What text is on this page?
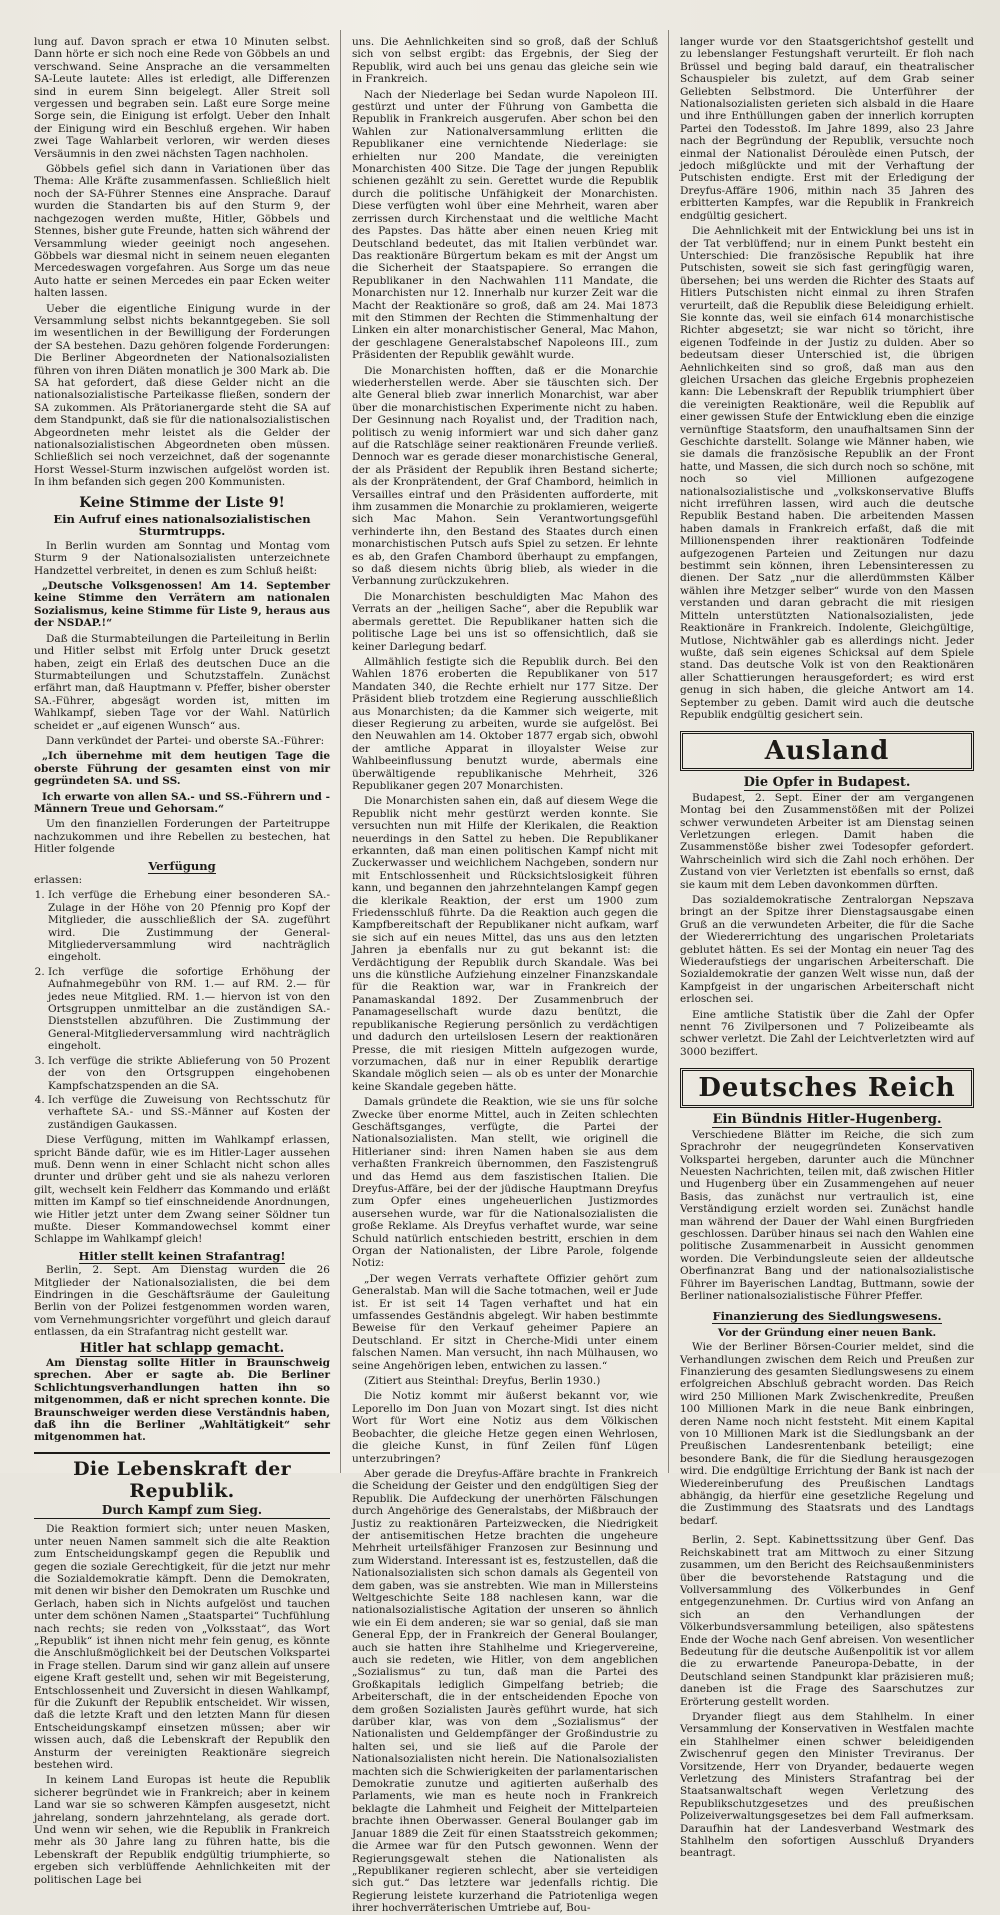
lung auf. Davon sprach er etwa 10 Minuten selbst. Dann hörte er sich noch eine Rede von Göbbels an und verschwand. Seine Ansprache an die versammelten SA-Leute lautete: Alles ist erledigt, alle Differenzen sind in eurem Sinn beigelegt. Aller Streit soll vergessen und begraben sein. Laßt eure Sorge meine Sorge sein, die Einigung ist erfolgt. Ueber den Inhalt der Einigung wird ein Beschluß ergehen. Wir haben zwei Tage Wahlarbeit verloren, wir werden dieses Versäumnis in den zwei nächsten Tagen nachholen.

Göbbels gefiel sich dann in Variationen über das Thema: Alle Kräfte zusammenfassen. Schließlich hielt noch der SA-Führer Stennes eine Ansprache. Darauf wurden die Standarten bis auf den Sturm 9, der nachgezogen werden mußte, Hitler, Göbbels und Stennes, bisher gute Freunde, hatten sich während der Versammlung wieder geeinigt noch angesehen. Göbbels war diesmal nicht in seinem neuen eleganten Mercedeswagen vorgefahren. Aus Sorge um das neue Auto hatte er seinen Mercedes ein paar Ecken weiter halten lassen.

Ueber die eigentliche Einigung wurde in der Versammlung selbst nichts bekanntgegeben. Sie soll im wesentlichen in der Bewilligung der Forderungen der SA bestehen. Dazu gehören folgende Forderungen: Die Berliner Abgeordneten der Nationalsozialisten führen von ihren Diäten monatlich je 300 Mark ab. Die SA hat gefordert, daß diese Gelder nicht an die nationalsozialistische Parteikasse fließen, sondern der SA zukommen. Als Prätorianergarde steht die SA auf dem Standpunkt, daß sie für die nationalsozialistischen Abgeordneten mehr leistet als die Gelder der nationalsozialistischen Abgeordneten oben müssen. Schließlich sei noch verzeichnet, daß der sogenannte Horst Wessel-Sturm inzwischen aufgelöst worden ist. In ihm befanden sich gegen 200 Kommunisten.

Keine Stimme der Liste 9!
Ein Aufruf eines nationalsozialistischen Sturmtrupps.

In Berlin wurden am Sonntag und Montag vom Sturm 9 der Nationalsozialisten unterzeichnete Handzettel verbreitet, in denen es zum Schluß heißt:

„Deutsche Volksgenossen! Am 14. September keine Stimme den Verrätern am nationalen Sozialismus, keine Stimme für Liste 9, heraus aus der NSDAP.!“

Daß die Sturmabteilungen die Parteileitung in Berlin und Hitler selbst mit Erfolg unter Druck gesetzt haben, zeigt ein Erlaß des deutschen Duce an die Sturmabteilungen und Schutzstaffeln. Zunächst erfährt man, daß Hauptmann v. Pfeffer, bisher oberster SA.-Führer, abgesägt worden ist, mitten im Wahlkampf, sieben Tage vor der Wahl. Natürlich scheidet er „auf eigenen Wunsch“ aus.

Dann verkündet der Partei- und oberste SA.-Führer:

„Ich übernehme mit dem heutigen Tage die oberste Führung der gesamten einst von mir gegründeten SA. und SS.
Ich erwarte von allen SA.- und SS.-Führern und -Männern Treue und Gehorsam.“

Um den finanziellen Forderungen der Parteitruppe nachzukommen und ihre Rebellen zu bestechen, hat Hitler folgende

Verfügung

erlassen:

1. Ich verfüge die Erhebung einer besonderen SA.-Zulage in der Höhe von 20 Pfennig pro Kopf der Mitglieder, die ausschließlich der SA. zugeführt wird. Die Zustimmung der General-Mitgliederversammlung wird nachträglich eingeholt.
2. Ich verfüge die sofortige Erhöhung der Aufnahmegebühr von RM. 1.— auf RM. 2.— für jedes neue Mitglied. RM. 1.— hiervon ist von den Ortsgruppen unmittelbar an die zuständigen SA.-Dienststellen abzuführen. Die Zustimmung der General-Mitgliederversammlung wird nachträglich eingeholt.
3. Ich verfüge die strikte Ablieferung von 50 Prozent der von den Ortsgruppen eingehobenen Kampfschatzspenden an die SA.
4. Ich verfüge die Zuweisung von Rechtsschutz für verhaftete SA.- und SS.-Männer auf Kosten der zuständigen Gaukassen.

Diese Verfügung, mitten im Wahlkampf erlassen, spricht Bände dafür, wie es im Hitler-Lager aussehen muß. Denn wenn in einer Schlacht nicht schon alles drunter und drüber geht und sie als nahezu verloren gilt, wechselt kein Feldherr das Kommando und erläßt mitten im Kampf so tief einschneidende Anordnungen, wie Hitler jetzt unter dem Zwang seiner Söldner tun mußte. Dieser Kommandowechsel kommt einer Schlappe im Wahlkampf gleich!

Hitler stellt keinen Strafantrag!

Berlin, 2. Sept. Am Dienstag wurden die 26 Mitglieder der Nationalsozialisten, die bei dem Eindringen in die Geschäftsräume der Gauleitung Berlin von der Polizei festgenommen worden waren, vom Vernehmungsrichter vorgeführt und gleich darauf entlassen, da ein Strafantrag nicht gestellt war.

Hitler hat schlapp gemacht.

Am Dienstag sollte Hitler in Braunschweig sprechen. Aber er sagte ab. Die Berliner Schlichtungsverhandlungen hatten ihn so mitgenommen, daß er nicht sprechen konnte. Die Braunschweiger werden diese Verständnis haben, daß ihn die Berliner „Wahltätigkeit“ sehr mitgenommen hat.

Die Lebenskraft der Republik.
Durch Kampf zum Sieg.

Die Reaktion formiert sich; unter neuen Masken, unter neuen Namen sammelt sich die alte Reaktion zum Entscheidungskampf gegen die Republik und gegen die soziale Gerechtigkeit, für die jetzt nur mehr die Sozialdemokratie kämpft. Denn die Demokraten, mit denen wir bisher den Demokraten um Ruschke und Gerlach, haben sich in Nichts aufgelöst und tauchen unter dem schönen Namen „Staatspartei“ Tuchfühlung nach rechts; sie reden von „Volksstaat“, das Wort „Republik“ ist ihnen nicht mehr fein genug, es könnte die Anschlußmöglichkeit bei der Deutschen Volkspartei in Frage stellen. Darum sind wir ganz allein auf unsere eigene Kraft gestellt und, sehen wir mit Begeisterung, Entschlossenheit und Zuversicht in diesen Wahlkampf, für die Zukunft der Republik entscheidet. Wir wissen, daß die letzte Kraft und den letzten Mann für diesen Entscheidungskampf einsetzen müssen; aber wir wissen auch, daß die Lebenskraft der Republik den Ansturm der vereinigten Reaktionäre siegreich bestehen wird.

In keinem Land Europas ist heute die Republik sicherer begründet wie in Frankreich; aber in keinem Land war sie so schweren Kämpfen ausgesetzt, nicht jahrelang, sondern jahrzehntelang, als gerade dort. Und wenn wir sehen, wie die Republik in Frankreich mehr als 30 Jahre lang zu führen hatte, bis die Lebenskraft der Republik endgültig triumphierte, so ergeben sich verblüffende Aehnlichkeiten mit der politischen Lage bei

uns. Die Aehnlichkeiten sind so groß, daß der Schluß sich von selbst ergibt: das Ergebnis, der Sieg der Republik, wird auch bei uns genau das gleiche sein wie in Frankreich.

Nach der Niederlage bei Sedan wurde Napoleon III. gestürzt und unter der Führung von Gambetta die Republik in Frankreich ausgerufen. Aber schon bei den Wahlen zur Nationalversammlung erlitten die Republikaner eine vernichtende Niederlage: sie erhielten nur 200 Mandate, die vereinigten Monarchisten 400 Sitze. Die Tage der jungen Republik schienen gezählt zu sein. Gerettet wurde die Republik durch die politische Unfähigkeit der Monarchisten. Diese verfügten wohl über eine Mehrheit, waren aber zerrissen durch Kirchenstaat und die weltliche Macht des Papstes. Das hätte aber einen neuen Krieg mit Deutschland bedeutet, das mit Italien verbündet war. Das reaktionäre Bürgertum bekam es mit der Angst um die Sicherheit der Staatspapiere. So errangen die Republikaner in den Nachwahlen 111 Mandate, die Monarchisten nur 12. Innerhalb nur kurzer Zeit war die Macht der Reaktionäre so groß, daß am 24. Mai 1873 mit den Stimmen der Rechten die Stimmenhaltung der Linken ein alter monarchistischer General, Mac Mahon, der geschlagene Generalstabschef Napoleons III., zum Präsidenten der Republik gewählt wurde.

Die Monarchisten hofften, daß er die Monarchie wiederherstellen werde. Aber sie täuschten sich. Der alte General blieb zwar innerlich Monarchist, war aber über die monarchistischen Experimente nicht zu haben. Der Gesinnung nach Royalist und, der Tradition nach, politisch zu wenig informiert war und sich daher ganz auf die Ratschläge seiner reaktionären Freunde verließ. Dennoch war es gerade dieser monarchistische General, der als Präsident der Republik ihren Bestand sicherte; als der Kronprätendent, der Graf Chambord, heimlich in Versailles eintraf und den Präsidenten aufforderte, mit ihm zusammen die Monarchie zu proklamieren, weigerte sich Mac Mahon. Sein Verantwortungsgefühl verhinderte ihn, den Bestand des Staates durch einen monarchistischen Putsch aufs Spiel zu setzen. Er lehnte es ab, den Grafen Chambord überhaupt zu empfangen, so daß diesem nichts übrig blieb, als wieder in die Verbannung zurückzukehren.

Die Monarchisten beschuldigten Mac Mahon des Verrats an der „heiligen Sache“, aber die Republik war abermals gerettet. Die Republikaner hatten sich die politische Lage bei uns ist so offensichtlich, daß sie keiner Darlegung bedarf.

Allmählich festigte sich die Republik durch. Bei den Wahlen 1876 eroberten die Republikaner von 517 Mandaten 340, die Rechte erhielt nur 177 Sitze. Der Präsident blieb trotzdem eine Regierung ausschließlich aus Monarchisten; da die Kammer sich weigerte, mit dieser Regierung zu arbeiten, wurde sie aufgelöst. Bei den Neuwahlen am 14. Oktober 1877 ergab sich, obwohl der amtliche Apparat in illoyalster Weise zur Wahlbeeinflussung benutzt wurde, abermals eine überwältigende republikanische Mehrheit, 326 Republikaner gegen 207 Monarchisten.

Die Monarchisten sahen ein, daß auf diesem Wege die Republik nicht mehr gestürzt werden konnte. Sie versuchten nun mit Hilfe der Klerikalen, die Reaktion neuerdings in den Sattel zu heben. Die Republikaner erkannten, daß man einen politischen Kampf nicht mit Zuckerwasser und weichlichem Nachgeben, sondern nur mit Entschlossenheit und Rücksichtslosigkeit führen kann, und begannen den jahrzehntelangen Kampf gegen die klerikale Reaktion, der erst um 1900 zum Friedensschluß führte. Da die Reaktion auch gegen die Kampfbereitschaft der Republikaner nicht aufkam, warf sie sich auf ein neues Mittel, das uns aus den letzten Jahren ja ebenfalls nur zu gut bekannt ist: die Verdächtigung der Republik durch Skandale. Was bei uns die künstliche Aufziehung einzelner Finanzskandale für die Reaktion war, war in Frankreich der Panamaskandal 1892. Der Zusammenbruch der Panamagesellschaft wurde dazu benützt, die republikanische Regierung persönlich zu verdächtigen und dadurch den urteilslosen Lesern der reaktionären Presse, die mit riesigen Mitteln aufgezogen wurde, vorzumachen, daß nur in einer Republik derartige Skandale möglich seien — als ob es unter der Monarchie keine Skandale gegeben hätte.

Damals gründete die Reaktion, wie sie uns für solche Zwecke über enorme Mittel, auch in Zeiten schlechten Geschäftsganges, verfügte, die Partei der Nationalsozialisten. Man stellt, wie originell die Hitlerianer sind: ihren Namen haben sie aus dem verhaßten Frankreich übernommen, den Faszistengruß und das Hemd aus dem faszistischen Italien. Die Dreyfus-Affäre, bei der der jüdische Hauptmann Dreyfus zum Opfer eines ungeheuerlichen Justizmordes ausersehen wurde, war für die Nationalsozialisten die große Reklame. Als Dreyfus verhaftet wurde, war seine Schuld natürlich entschieden bestritt, erschien in dem Organ der Nationalisten, der Libre Parole, folgende Notiz:

„Der wegen Verrats verhaftete Offizier gehört zum Generalstab. Man will die Sache totmachen, weil er Jude ist. Er ist seit 14 Tagen verhaftet und hat ein umfassendes Geständnis abgelegt. Wir haben bestimmte Beweise für den Verkauf geheimer Papiere an Deutschland. Er sitzt in Cherche-Midi unter einem falschen Namen. Man versucht, ihn nach Mülhausen, wo seine Angehörigen leben, entwichen zu lassen.“

(Zitiert aus Steinthal: Dreyfus, Berlin 1930.)

Die Notiz kommt mir äußerst bekannt vor, wie Leporello im Don Juan von Mozart singt. Ist dies nicht Wort für Wort eine Notiz aus dem Völkischen Beobachter, die gleiche Hetze gegen einen Wehrlosen, die gleiche Kunst, in fünf Zeilen fünf Lügen unterzubringen?

Aber gerade die Dreyfus-Affäre brachte in Frankreich die Scheidung der Geister und den endgültigen Sieg der Republik. Die Aufdeckung der unerhörten Fälschungen durch Angehörige des Generalstabs, der Mißbrauch der Justiz zu reaktionären Parteizwecken, die Niedrigkeit der antisemitischen Hetze brachten die ungeheure Mehrheit urteilsfähiger Franzosen zur Besinnung und zum Widerstand. Interessant ist es, festzustellen, daß die Nationalsozialisten sich schon damals als Gegenteil von dem gaben, was sie anstrebten. Wie man in Millersteins Weltgeschichte Seite 188 nachlesen kann, war die nationalsozialistische Agitation der unseren so ähnlich wie ein Ei dem anderen; sie war so genial, daß sie man General Epp, der in Frankreich der General Boulanger, auch sie hatten ihre Stahlhelme und Kriegervereine, auch sie redeten, wie Hitler, von dem angeblichen „Sozialismus“ zu tun, daß man die Partei des Großkapitals lediglich Gimpelfang betrieb; die Arbeiterschaft, die in der entscheidenden Epoche von dem großen Sozialisten Jaurès geführt wurde, hat sich darüber klar, was von dem „Sozialismus“ der Nationalisten und Geldempfänger der Großindustrie zu halten sei, und sie ließ auf die Parole der Nationalsozialisten nicht herein. Die Nationalsozialisten machten sich die Schwierigkeiten der parlamentarischen Demokratie zunutze und agitierten außerhalb des Parlaments, wie man es heute noch in Frankreich beklagte die Lahmheit und Feigheit der Mittelparteien brachte ihnen Oberwasser. General Boulanger gab im Januar 1889 die Zeit für einen Staatsstreich gekommen; die Armee war für den Putsch gewonnen. Wenn der Regierungsgewalt stehen die Nationalisten als „Republikaner regieren schlecht, aber sie verteidigen sich gut.“ Das letztere war jedenfalls richtig. Die Regierung leistete kurzerhand die Patriotenliga wegen ihrer hochverräterischen Umtriebe auf, Bou-

langer wurde vor den Staatsgerichtshof gestellt und zu lebenslanger Festungshaft verurteilt. Er floh nach Brüssel und beging bald darauf, ein theatralischer Schauspieler bis zuletzt, auf dem Grab seiner Geliebten Selbstmord. Die Unterführer der Nationalsozialisten gerieten sich alsbald in die Haare und ihre Enthüllungen gaben der innerlich korrupten Partei den Todesstoß. Im Jahre 1899, also 23 Jahre nach der Begründung der Republik, versuchte noch einmal der Nationalist Déroulède einen Putsch, der jedoch mißglückte und mit der Verhaftung der Putschisten endigte. Erst mit der Erledigung der Dreyfus-Affäre 1906, mithin nach 35 Jahren des erbitterten Kampfes, war die Republik in Frankreich endgültig gesichert.

Die Aehnlichkeit mit der Entwicklung bei uns ist in der Tat verblüffend; nur in einem Punkt besteht ein Unterschied: Die französische Republik hat ihre Putschisten, soweit sie sich fast geringfügig waren, übersehen; bei uns werden die Richter des Staats auf Hitlers Putschisten nicht einmal zu ihren Strafen verurteilt, daß die Republik diese Beleidigung erhielt. Sie konnte das, weil sie einfach 614 monarchistische Richter abgesetzt; sie war nicht so töricht, ihre eigenen Todfeinde in der Justiz zu dulden. Aber so bedeutsam dieser Unterschied ist, die übrigen Aehnlichkeiten sind so groß, daß man aus den gleichen Ursachen das gleiche Ergebnis prophezeien kann: Die Lebenskraft der Republik triumphiert über die vereinigten Reaktionäre, weil die Republik auf einer gewissen Stufe der Entwicklung eben die einzige vernünftige Staatsform, den unaufhaltsamen Sinn der Geschichte darstellt. Solange wie Männer haben, wie sie damals die französische Republik an der Front hatte, und Massen, die sich durch noch so schöne, mit noch so viel Millionen aufgezogene nationalsozialistische und „volkskonservative Bluffs nicht irreführen lassen, wird auch die deutsche Republik Bestand haben. Die arbeitenden Massen haben damals in Frankreich erfaßt, daß die mit Millionenspenden ihrer reaktionären Todfeinde aufgezogenen Parteien und Zeitungen nur dazu bestimmt sein können, ihren Lebensinteressen zu dienen. Der Satz „nur die allerdümmsten Kälber wählen ihre Metzger selber“ wurde von den Massen verstanden und daran gebracht die mit riesigen Mitteln unterstützten Nationalsozialisten, jede Reaktionäre in Frankreich. Indolente, Gleichgültige, Mutlose, Nichtwähler gab es allerdings nicht. Jeder wußte, daß sein eigenes Schicksal auf dem Spiele stand. Das deutsche Volk ist von den Reaktionären aller Schattierungen herausgefordert; es wird erst genug in sich haben, die gleiche Antwort am 14. September zu geben. Damit wird auch die deutsche Republik endgültig gesichert sein.

Ausland
Die Opfer in Budapest.

Budapest, 2. Sept. Einer der am vergangenen Montag bei den Zusammenstößen mit der Polizei schwer verwundeten Arbeiter ist am Dienstag seinen Verletzungen erlegen. Damit haben die Zusammenstöße bisher zwei Todesopfer gefordert. Wahrscheinlich wird sich die Zahl noch erhöhen. Der Zustand von vier Verletzten ist ebenfalls so ernst, daß sie kaum mit dem Leben davonkommen dürften.

Das sozialdemokratische Zentralorgan Nepszava bringt an der Spitze ihrer Dienstagsausgabe einen Gruß an die verwundeten Arbeiter, die für die Sache der Wiedererrichtung des ungarischen Proletariats geblutet hätten. Es sei der Montag ein neuer Tag des Wiederaufstiegs der ungarischen Arbeiterschaft. Die Sozialdemokratie der ganzen Welt wisse nun, daß der Kampfgeist in der ungarischen Arbeiterschaft nicht erloschen sei.

Eine amtliche Statistik über die Zahl der Opfer nennt 76 Zivilpersonen und 7 Polizeibeamte als schwer verletzt. Die Zahl der Leichtverletzten wird auf 3000 beziffert.

Deutsches Reich
Ein Bündnis Hitler-Hugenberg.

Verschiedene Blätter im Reiche, die sich zum Sprachrohr der neugegründeten Konservativen Volkspartei hergeben, darunter auch die Münchner Neuesten Nachrichten, teilen mit, daß zwischen Hitler und Hugenberg über ein Zusammengehen auf neuer Basis, das zunächst nur vertraulich ist, eine Verständigung erzielt worden sei. Zunächst handle man während der Dauer der Wahl einen Burgfrieden geschlossen. Darüber hinaus sei nach den Wahlen eine politische Zusammenarbeit in Aussicht genommen worden. Die Verbindungsleute seien der alldeutsche Oberfinanzrat Bang und der nationalsozialistische Führer im Bayerischen Landtag, Buttmann, sowie der Berliner nationalsozialistische Führer Pfeffer.

Finanzierung des Siedlungswesens.
Vor der Gründung einer neuen Bank.

Wie der Berliner Börsen-Courier meldet, sind die Verhandlungen zwischen dem Reich und Preußen zur Finanzierung des gesamten Siedlungswesens zu einem erfolgreichen Abschluß gebracht worden. Das Reich wird 250 Millionen Mark Zwischenkredite, Preußen 100 Millionen Mark in die neue Bank einbringen, deren Name noch nicht feststeht. Mit einem Kapital von 10 Millionen Mark ist die Siedlungsbank an der Preußischen Landesrentenbank beteiligt; eine besondere Bank, die für die Siedlung herausgezogen wird. Die endgültige Errichtung der Bank ist nach der Wiedereinberufung des Preußischen Landtags abhängig, da hierfür eine gesetzliche Regelung und die Zustimmung des Staatsrats und des Landtags bedarf.

Berlin, 2. Sept. Kabinettssitzung über Genf. Das Reichskabinett trat am Mittwoch zu einer Sitzung zusammen, um den Bericht des Reichsaußenministers über die bevorstehende Ratstagung und die Vollversammlung des Völkerbundes in Genf entgegenzunehmen. Dr. Curtius wird von Anfang an sich an den Verhandlungen der Völkerbundsversammlung beteiligen, also spätestens Ende der Woche nach Genf abreisen. Von wesentlicher Bedeutung für die deutsche Außenpolitik ist vor allem die zu erwartende Paneuropa-Debatte, in der Deutschland seinen Standpunkt klar präzisieren muß; daneben ist die Frage des Saarschutzes zur Erörterung gestellt worden.

Dryander fliegt aus dem Stahlhelm. In einer Versammlung der Konservativen in Westfalen machte ein Stahlhelmer einen schwer beleidigenden Zwischenruf gegen den Minister Treviranus. Der Vorsitzende, Herr von Dryander, bedauerte wegen Verletzung des Ministers Strafantrag bei der Staatsanwaltschaft wegen Verletzung des Republikschutzgesetzes und des preußischen Polizeiverwaltungsgesetzes bei dem Fall aufmerksam. Daraufhin hat der Landesverband Westmark des Stahlhelm den sofortigen Ausschluß Dryanders beantragt.
